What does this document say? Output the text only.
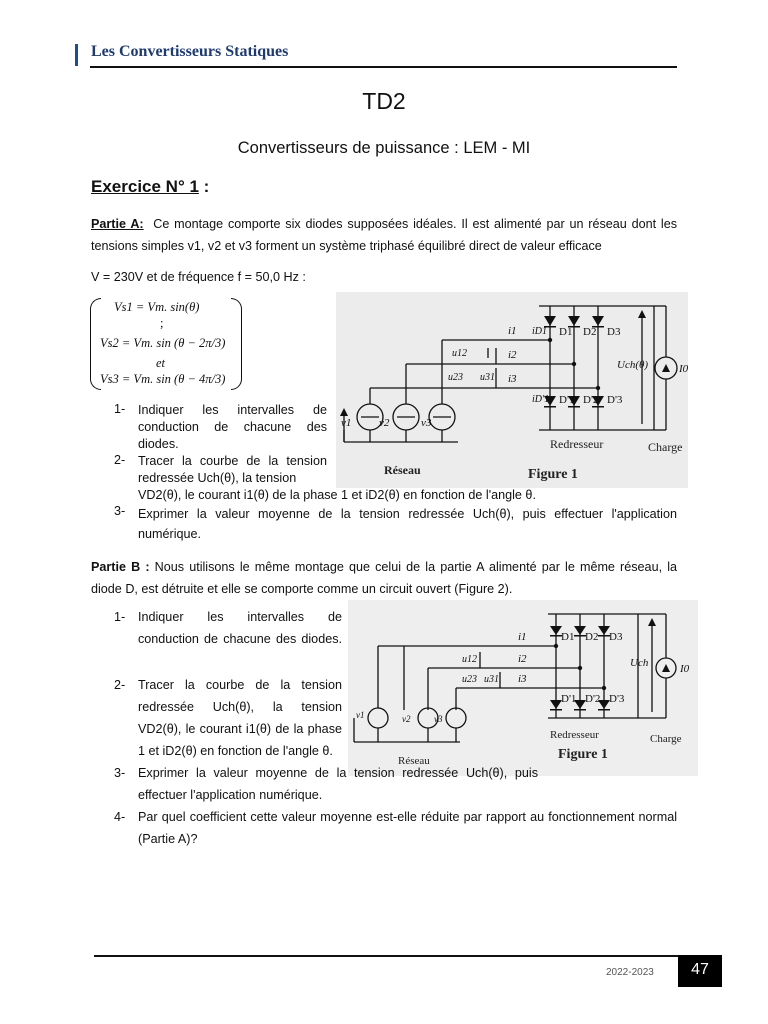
Les Convertisseurs Statiques
TD2
Convertisseurs de puissance : LEM - MI
Exercice N° 1 :

Partie A: Ce montage comporte six diodes supposées idéales. Il est alimenté par un réseau dont les tensions simples v1, v2 et v3 forment un système triphasé équilibré direct de valeur efficace

V = 230V et de fréquence f = 50,0 Hz :

Vs1 = Vm. sin(θ)
;
Vs2 = Vm. sin (θ − 2π/3)
et
Vs3 = Vm. sin (θ − 4π/3)
i1
i2
i3
iD1
iD'1
u12
u23 u31
D1 D2 D3
D'1 D'2 D'3
Uch(θ)	I0
v1	v2	v3
Réseau
Redresseur	Charge
Figure 1
1- Indiquer les intervalles de conduction de chacune des diodes.
2- Tracer la courbe de la tension redressée Uch(θ), la tension
VD2(θ), le courant i1(θ) de la phase 1 et iD2(θ) en fonction de l'angle θ.
3- Exprimer la valeur moyenne de la tension redressée Uch(θ), puis effectuer l'application numérique.

Partie B : Nous utilisons le même montage que celui de la partie A alimenté par le même réseau, la diode D, est détruite et elle se comporte comme un circuit ouvert (Figure 2).

i1
i2
i3
u12
u23 u31
D1 D2 D3
D'1 D'2 D'3
Uch	I0
v1	v2	v3
Réseau
Redresseur	Charge
Figure 1
1- Indiquer les intervalles de conduction de chacune des diodes.
2- Tracer la courbe de la tension redressée Uch(θ), la tension VD2(θ), le courant i1(θ) de la phase 1 et iD2(θ) en fonction de l'angle θ.
3- Exprimer la valeur moyenne de la tension redressée Uch(θ), puis effectuer l'application numérique.
4- Par quel coefficient cette valeur moyenne est-elle réduite par rapport au fonctionnement normal (Partie A)?
2022-2023	47
